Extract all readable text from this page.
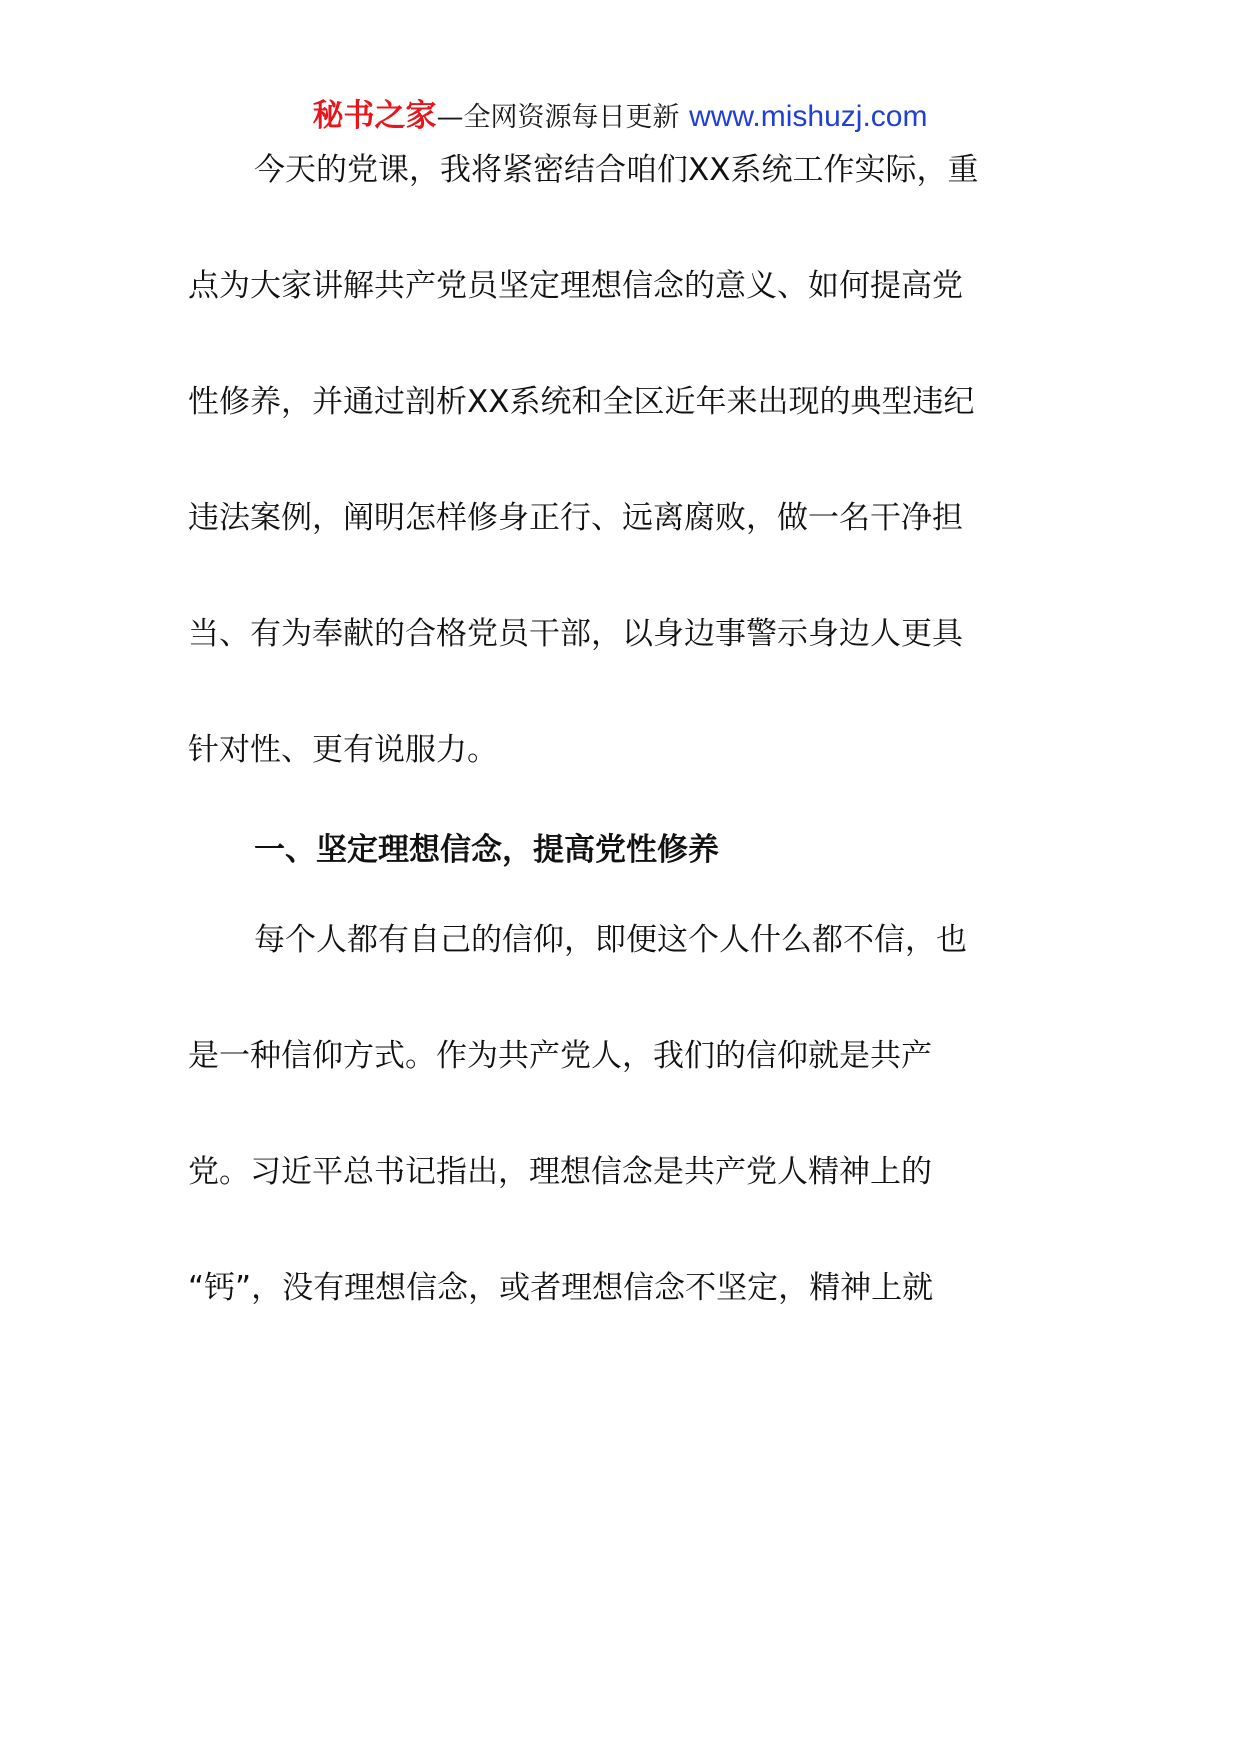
秘书之家—全网资源每日更新 www.mishuzj.com
今天的党课，我将紧密结合咱们XX系统工作实际，重
点为大家讲解共产党员坚定理想信念的意义、如何提高党
性修养，并通过剖析XX系统和全区近年来出现的典型违纪
违法案例，阐明怎样修身正行、远离腐败，做一名干净担
当、有为奉献的合格党员干部，以身边事警示身边人更具
针对性、更有说服力。
一、坚定理想信念，提高党性修养
每个人都有自己的信仰，即便这个人什么都不信，也
是一种信仰方式。作为共产党人，我们的信仰就是共产
党。习近平总书记指出，理想信念是共产党人精神上的
“钙”，没有理想信念，或者理想信念不坚定，精神上就
